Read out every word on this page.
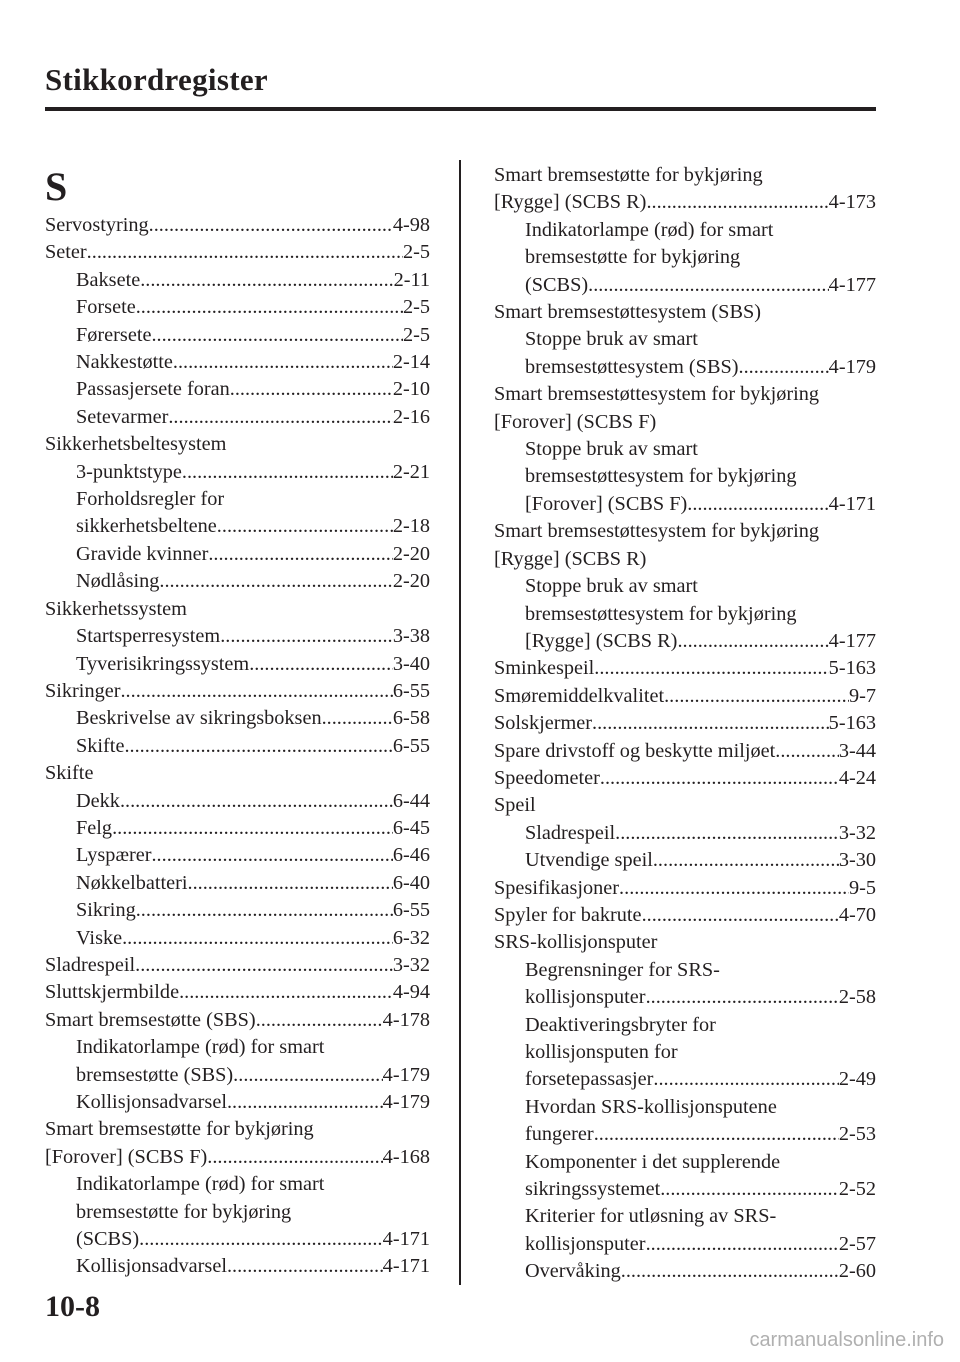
Stikkordregister
S
Servostyring .....	4-98
Seter .....	2-5
Baksete .....	2-11
Forsete .....	2-5
Førersete .....	2-5
Nakkestøtte .....	2-14
Passasjersete foran .....	2-10
Setevarmer .....	2-16
Sikkerhetsbeltesystem
3-punktstype .....	2-21
Forholdsregler for
sikkerhetsbeltene .....	2-18
Gravide kvinner .....	2-20
Nødlåsing .....	2-20
Sikkerhetssystem
Startsperresystem .....	3-38
Tyverisikringssystem .....	3-40
Sikringer .....	6-55
Beskrivelse av sikringsboksen .....	6-58
Skifte .....	6-55
Skifte
Dekk .....	6-44
Felg .....	6-45
Lyspærer .....	6-46
Nøkkelbatteri .....	6-40
Sikring .....	6-55
Viske .....	6-32
Sladrespeil .....	3-32
Sluttskjermbilde .....	4-94
Smart bremsestøtte (SBS) .....	4-178
Indikatorlampe (rød) for smart
bremsestøtte (SBS) .....	4-179
Kollisjonsadvarsel .....	4-179
Smart bremsestøtte for bykjøring
[Forover] (SCBS F) .....	4-168
Indikatorlampe (rød) for smart
bremsestøtte for bykjøring
(SCBS) .....	4-171
Kollisjonsadvarsel .....	4-171
Smart bremsestøtte for bykjøring
[Rygge] (SCBS R) .....	4-173
Indikatorlampe (rød) for smart
bremsestøtte for bykjøring
(SCBS) .....	4-177
Smart bremsestøttesystem (SBS)
Stoppe bruk av smart
bremsestøttesystem (SBS) .....	4-179
Smart bremsestøttesystem for bykjøring
[Forover] (SCBS F)
Stoppe bruk av smart
bremsestøttesystem for bykjøring
[Forover] (SCBS F) .....	4-171
Smart bremsestøttesystem for bykjøring
[Rygge] (SCBS R)
Stoppe bruk av smart
bremsestøttesystem for bykjøring
[Rygge] (SCBS R) .....	4-177
Sminkespeil .....	5-163
Smøremiddelkvalitet .....	9-7
Solskjermer .....	5-163
Spare drivstoff og beskytte miljøet .....	3-44
Speedometer .....	4-24
Speil
Sladrespeil .....	3-32
Utvendige speil .....	3-30
Spesifikasjoner .....	9-5
Spyler for bakrute .....	4-70
SRS-kollisjonsputer
Begrensninger for SRS-
kollisjonsputer .....	2-58
Deaktiveringsbryter for
kollisjonsputen for
forsetepassasjer .....	2-49
Hvordan SRS-kollisjonsputene
fungerer .....	2-53
Komponenter i det supplerende
sikringssystemet .....	2-52
Kriterier for utløsning av SRS-
kollisjonsputer .....	2-57
Overvåking .....	2-60
10-8
carmanualsonline.info
